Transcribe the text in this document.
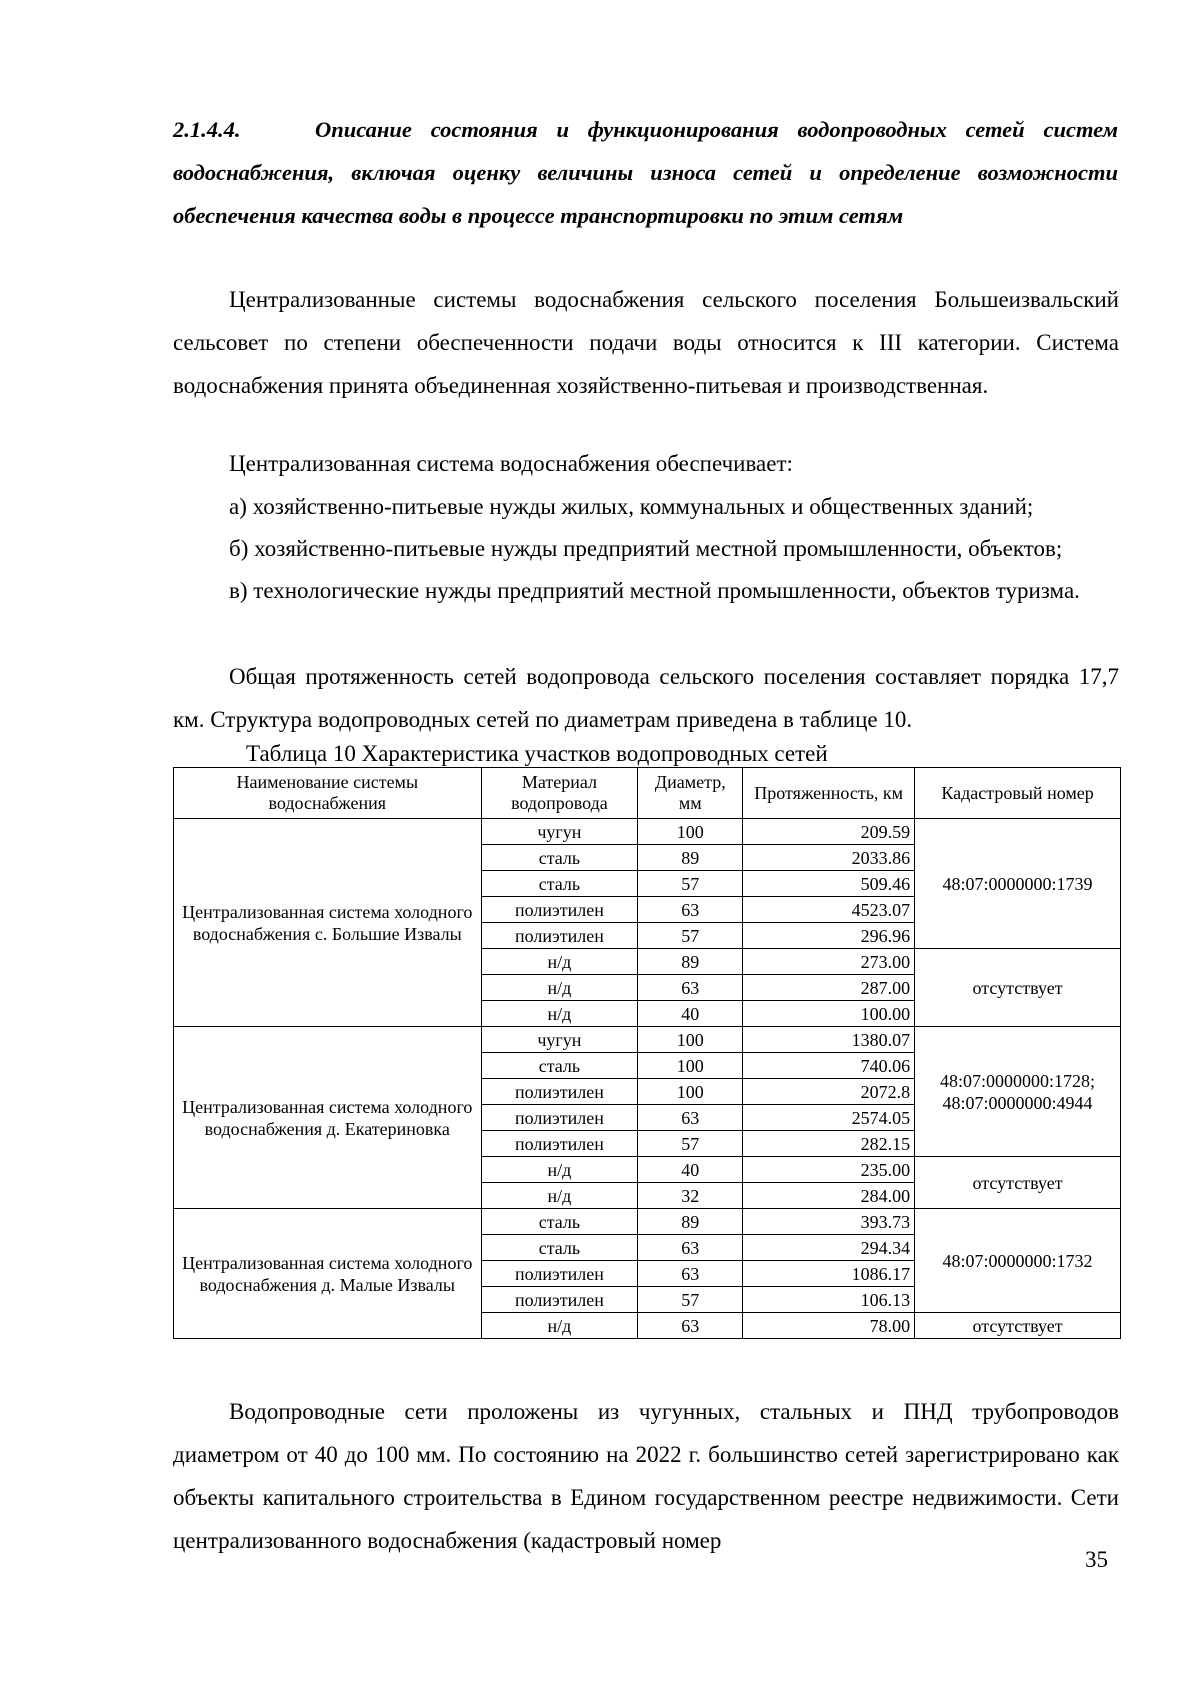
2.1.4.4.	Описание состояния и функционирования водопроводных сетей систем водоснабжения, включая оценку величины износа сетей и определение возможности обеспечения качества воды в процессе транспортировки по этим сетям

Централизованные системы водоснабжения сельского поселения Большеизвальский сельсовет по степени обеспеченности подачи воды относится к III категории. Система водоснабжения принята объединенная хозяйственно-питьевая и производственная.

Централизованная система водоснабжения обеспечивает:

а) хозяйственно-питьевые нужды жилых, коммунальных и общественных зданий;

б) хозяйственно-питьевые нужды предприятий местной промышленности, объектов;

в) технологические нужды предприятий местной промышленности, объектов туризма.

Общая протяженность сетей водопровода сельского поселения составляет порядка 17,7 км. Структура водопроводных сетей по диаметрам приведена в таблице 10.

Таблица 10 Характеристика участков водопроводных сетей
Наименование системы водоснабжения	Материал водопровода	Диаметр, мм	Протяженность, км	Кадастровый номер
Централизованная система холодного водоснабжения с. Большие Извалы	чугун	100	209.59	48:07:0000000:1739
	сталь	89	2033.86	
	сталь	57	509.46	
	полиэтилен	63	4523.07	
	полиэтилен	57	296.96	
	н/д	89	273.00	отсутствует
	н/д	63	287.00	
	н/д	40	100.00	
Централизованная система холодного водоснабжения д. Екатериновка	чугун	100	1380.07	48:07:0000000:1728; 48:07:0000000:4944
	сталь	100	740.06	
	полиэтилен	100	2072.8	
	полиэтилен	63	2574.05	
	полиэтилен	57	282.15	
	н/д	40	235.00	отсутствует
	н/д	32	284.00	
Централизованная система холодного водоснабжения д. Малые Извалы	сталь	89	393.73	48:07:0000000:1732
	сталь	63	294.34	
	полиэтилен	63	1086.17	
	полиэтилен	57	106.13	
	н/д	63	78.00	отсутствует

Водопроводные сети проложены из чугунных, стальных и ПНД трубопроводов диаметром от 40 до 100 мм. По состоянию на 2022 г. большинство сетей зарегистрировано как объекты капитального строительства в Едином государственном реестре недвижимости. Сети централизованного водоснабжения (кадастровый номер

35
